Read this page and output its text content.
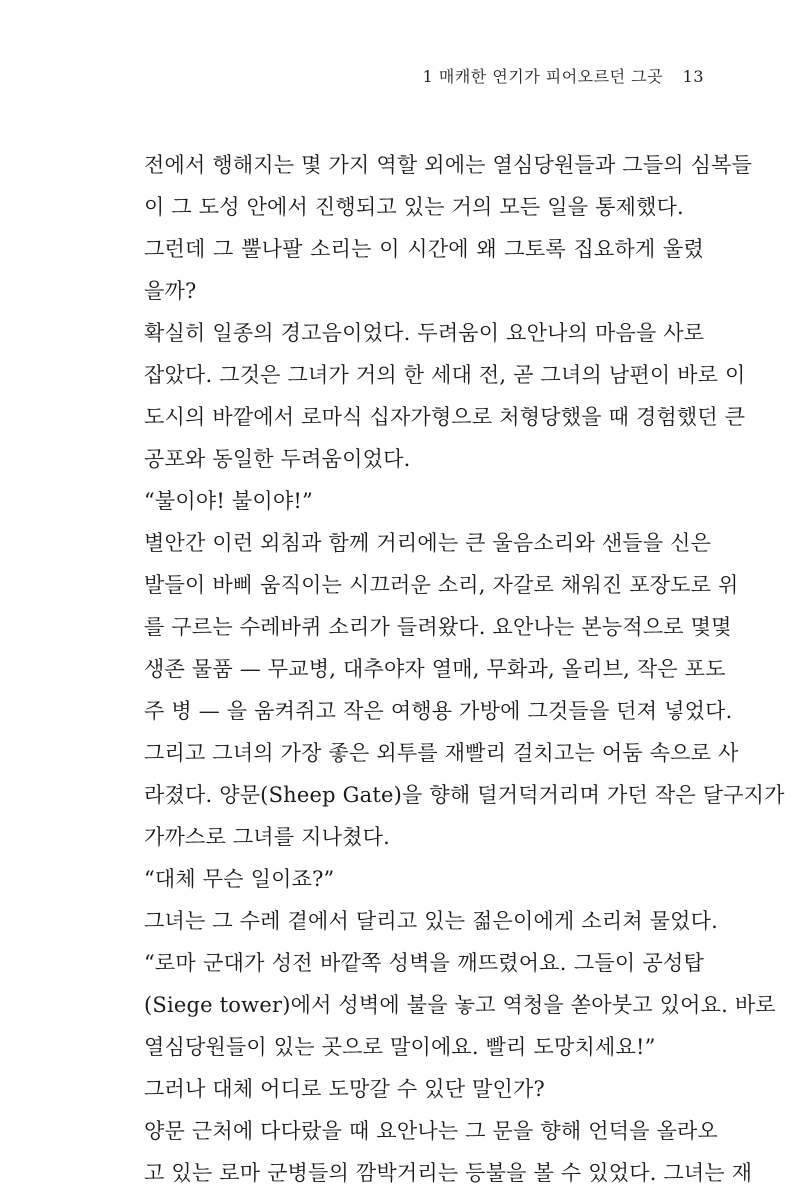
1 매캐한 연기가 피어오르던 그곳 13
전에서 행해지는 몇 가지 역할 외에는 열심당원들과 그들의 심복들
이 그 도성 안에서 진행되고 있는 거의 모든 일을 통제했다.
그런데 그 뿔나팔 소리는 이 시간에 왜 그토록 집요하게 울렸
을까?
확실히 일종의 경고음이었다. 두려움이 요안나의 마음을 사로
잡았다. 그것은 그녀가 거의 한 세대 전, 곧 그녀의 남편이 바로 이
도시의 바깥에서 로마식 십자가형으로 처형당했을 때 경험했던 큰
공포와 동일한 두려움이었다.
“불이야! 불이야!”
별안간 이런 외침과 함께 거리에는 큰 울음소리와 샌들을 신은
발들이 바삐 움직이는 시끄러운 소리, 자갈로 채워진 포장도로 위
를 구르는 수레바퀴 소리가 들려왔다. 요안나는 본능적으로 몇몇
생존 물품 — 무교병, 대추야자 열매, 무화과, 올리브, 작은 포도
주 병 — 을 움켜쥐고 작은 여행용 가방에 그것들을 던져 넣었다.
그리고 그녀의 가장 좋은 외투를 재빨리 걸치고는 어둠 속으로 사
라졌다. 양문(Sheep Gate)을 향해 덜거덕거리며 가던 작은 달구지가
가까스로 그녀를 지나쳤다.
“대체 무슨 일이죠?”
그녀는 그 수레 곁에서 달리고 있는 젊은이에게 소리쳐 물었다.
“로마 군대가 성전 바깥쪽 성벽을 깨뜨렸어요. 그들이 공성탑
(Siege tower)에서 성벽에 불을 놓고 역청을 쏟아붓고 있어요. 바로
열심당원들이 있는 곳으로 말이에요. 빨리 도망치세요!”
그러나 대체 어디로 도망갈 수 있단 말인가?
양문 근처에 다다랐을 때 요안나는 그 문을 향해 언덕을 올라오
고 있는 로마 군병들의 깜박거리는 등불을 볼 수 있었다. 그녀는 재
